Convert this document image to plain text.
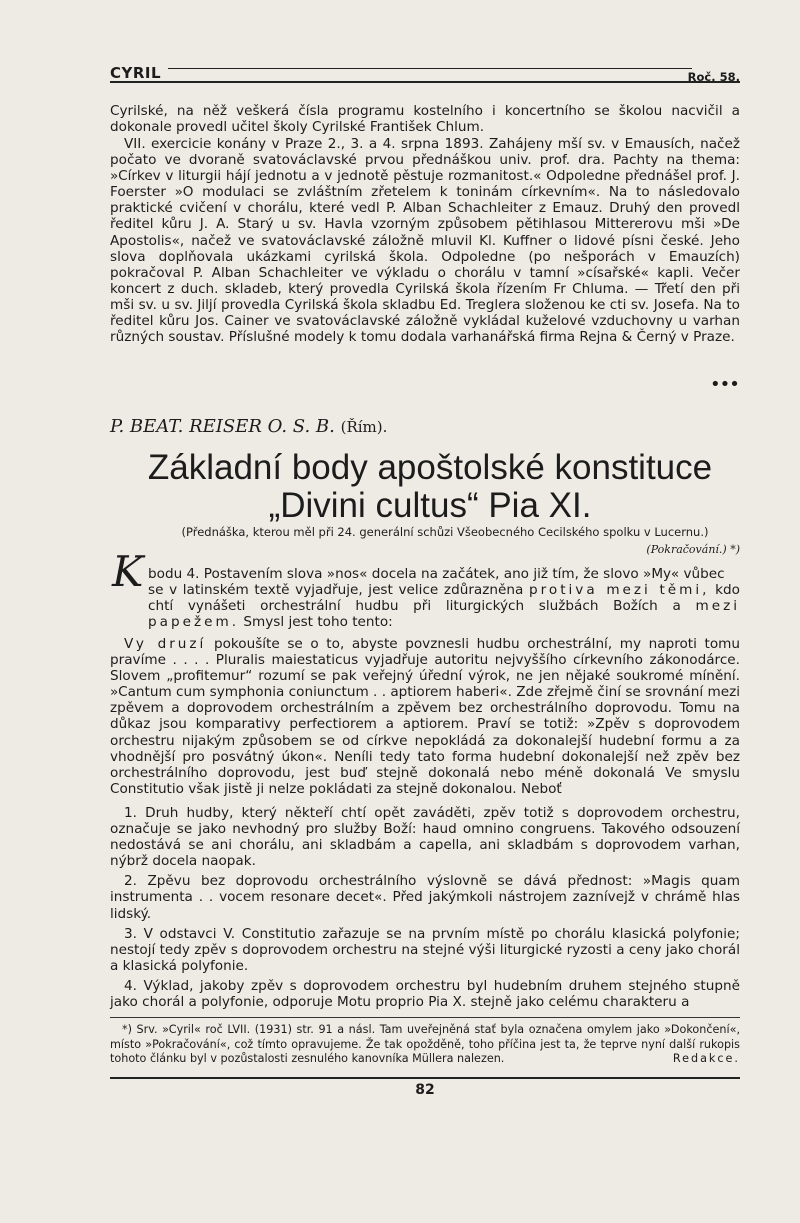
CYRIL	Roč. 58.

Cyrilské, na něž veškerá čísla programu kostelního i koncertního se školou nacvičil a dokonale provedl učitel školy Cyrilské František Chlum.

VII. exercicie konány v Praze 2., 3. a 4. srpna 1893. Zahájeny mší sv. v Emausích, načež počato ve dvoraně svatováclavské prvou přednáškou univ. prof. dra. Pachty na thema: »Církev v liturgii hájí jednotu a v jednotě pěstuje rozmanitost.« Odpoledne přednášel prof. J. Foerster »O modulaci se zvláštním zřetelem k toninám církevním«. Na to následovalo praktické cvičení v chorálu, které vedl P. Alban Schachleiter z Emauz. Druhý den provedl ředitel kůru J. A. Starý u sv. Havla vzorným způsobem pětihlasou Mittererovu mši »De Apostolis«, načež ve svatováclavské záložně mluvil Kl. Kuffner o lidové písni české. Jeho slova doplňovala ukázkami cyrilská škola. Odpoledne (po nešporách v Emauzích) pokračoval P. Alban Schachleiter ve výkladu o chorálu v tamní »císařské« kapli. Večer koncert z duch. skladeb, který provedla Cyrilská škola řízením Fr Chluma. — Třetí den při mši sv. u sv. Jiljí provedla Cyrilská škola skladbu Ed. Treglera složenou ke cti sv. Josefa. Na to ředitel kůru Jos. Cainer ve svatováclavské záložně vykládal kuželové vzduchovny u varhan různých soustav. Příslušné modely k tomu dodala varhanářská firma Rejna & Černý v Praze.

•••
P. BEAT. REISER O. S. B. (Řím).
Základní body apoštolské konstituce
„Divini cultus“ Pia XI.
(Přednáška, kterou měl při 24. generální schůzi Všeobecného Cecilského spolku v Lucernu.)
(Pokračování.) *)
K bodu 4. Postavením slova »nos« docela na začátek, ano již tím, že slovo »My« vůbec

se v latinském textě vyjadřuje, jest velice zdůrazněna protiva mezi těmi, kdo chtí vynášeti orchestrální hudbu při liturgických službách Božích a mezi papežem. Smysl jest toho tento:

Vy druzí pokoušíte se o to, abyste povznesli hudbu orchestrální, my naproti tomu pravíme . . . . Pluralis maiestaticus vyjadřuje autoritu nejvyššího církevního zákonodárce. Slovem „profitemur“ rozumí se pak veřejný úřední výrok, ne jen nějaké soukromé mínění. »Cantum cum symphonia coniunctum . . aptiorem haberi«. Zde zřejmě činí se srovnání mezi zpěvem a doprovodem orchestrálním a zpěvem bez orchestrálního doprovodu. Tomu na důkaz jsou komparativy perfectiorem a aptiorem. Praví se totiž: »Zpěv s doprovodem orchestru nijakým způsobem se od církve nepokládá za dokonalejší hudební formu a za vhodnější pro posvátný úkon«. Neníli tedy tato forma hudební dokonalejší než zpěv bez orchestrálního doprovodu, jest buď stejně dokonalá nebo méně dokonalá Ve smyslu Constitutio však jistě ji nelze pokládati za stejně dokonalou. Neboť

1. Druh hudby, který někteří chtí opět zaváděti, zpěv totiž s doprovodem orchestru, označuje se jako nevhodný pro služby Boží: haud omnino congruens. Takového odsouzení nedostává se ani chorálu, ani skladbám a capella, ani skladbám s doprovodem varhan, nýbrž docela naopak.

2. Zpěvu bez doprovodu orchestrálního výslovně se dává přednost: »Magis quam instrumenta . . vocem resonare decet«. Před jakýmkoli nástrojem zaznívejž v chrámě hlas lidský.

3. V odstavci V. Constitutio zařazuje se na prvním místě po chorálu klasická polyfonie; nestojí tedy zpěv s doprovodem orchestru na stejné výši liturgické ryzosti a ceny jako chorál a klasická polyfonie.

4. Výklad, jakoby zpěv s doprovodem orchestru byl hudebním druhem stejného stupně jako chorál a polyfonie, odporuje Motu proprio Pia X. stejně jako celému charakteru a

*) Srv. »Cyril« roč LVII. (1931) str. 91 a násl. Tam uveřejněná stať byla označena omylem jako »Dokončení«, místo »Pokračování«, což tímto opravujeme. Že tak opožděně, toho příčina jest ta, že teprve nyní další rukopis tohoto článku byl v pozůstalosti zesnulého kanovníka Müllera nalezen.	Redakce.

82
